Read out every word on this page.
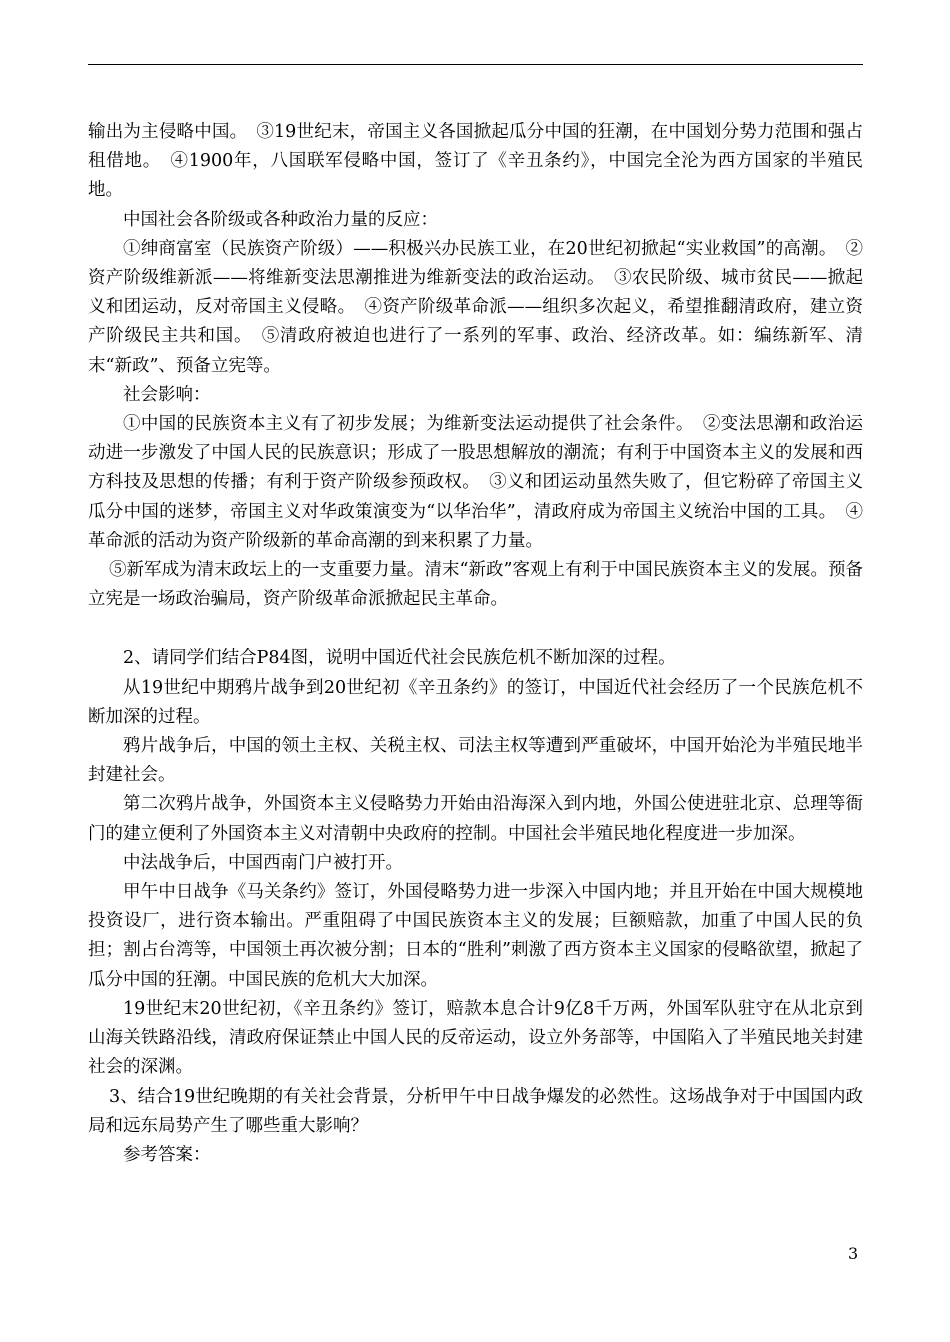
输出为主侵略中国。　③19世纪末，帝国主义各国掀起瓜分中国的狂潮，在中国划分势力范围和强占租借地。　④1900年，八国联军侵略中国，签订了《辛丑条约》，中国完全沦为西方国家的半殖民地。

中国社会各阶级或各种政治力量的反应：

①绅商富室（民族资产阶级）——积极兴办民族工业，在20世纪初掀起“实业救国”的高潮。　②资产阶级维新派——将维新变法思潮推进为维新变法的政治运动。　③农民阶级、城市贫民——掀起义和团运动，反对帝国主义侵略。　④资产阶级革命派——组织多次起义，希望推翻清政府，建立资产阶级民主共和国。　⑤清政府被迫也进行了一系列的军事、政治、经济改革。如：编练新军、清末“新政”、预备立宪等。

社会影响：

①中国的民族资本主义有了初步发展；为维新变法运动提供了社会条件。　②变法思潮和政治运动进一步激发了中国人民的民族意识；形成了一股思想解放的潮流；有利于中国资本主义的发展和西方科技及思想的传播；有利于资产阶级参预政权。　③义和团运动虽然失败了，但它粉碎了帝国主义瓜分中国的迷梦，帝国主义对华政策演变为“以华治华”，清政府成为帝国主义统治中国的工具。　④革命派的活动为资产阶级新的革命高潮的到来积累了力量。

⑤新军成为清末政坛上的一支重要力量。清末“新政”客观上有利于中国民族资本主义的发展。预备立宪是一场政治骗局，资产阶级革命派掀起民主革命。

2、请同学们结合P84图，说明中国近代社会民族危机不断加深的过程。

从19世纪中期鸦片战争到20世纪初《辛丑条约》的签订，中国近代社会经历了一个民族危机不断加深的过程。

鸦片战争后，中国的领土主权、关税主权、司法主权等遭到严重破坏，中国开始沦为半殖民地半封建社会。

第二次鸦片战争，外国资本主义侵略势力开始由沿海深入到内地，外国公使进驻北京、总理等衙门的建立便利了外国资本主义对清朝中央政府的控制。中国社会半殖民地化程度进一步加深。

中法战争后，中国西南门户被打开。

甲午中日战争《马关条约》签订，外国侵略势力进一步深入中国内地；并且开始在中国大规模地投资设厂，进行资本输出。严重阻碍了中国民族资本主义的发展；巨额赔款，加重了中国人民的负担；割占台湾等，中国领土再次被分割；日本的“胜利”刺激了西方资本主义国家的侵略欲望，掀起了瓜分中国的狂潮。中国民族的危机大大加深。

19世纪末20世纪初，《辛丑条约》签订，赔款本息合计9亿8千万两，外国军队驻守在从北京到山海关铁路沿线，清政府保证禁止中国人民的反帝运动，设立外务部等，中国陷入了半殖民地关封建社会的深渊。

3、结合19世纪晚期的有关社会背景，分析甲午中日战争爆发的必然性。这场战争对于中国国内政局和远东局势产生了哪些重大影响？

参考答案：

3
